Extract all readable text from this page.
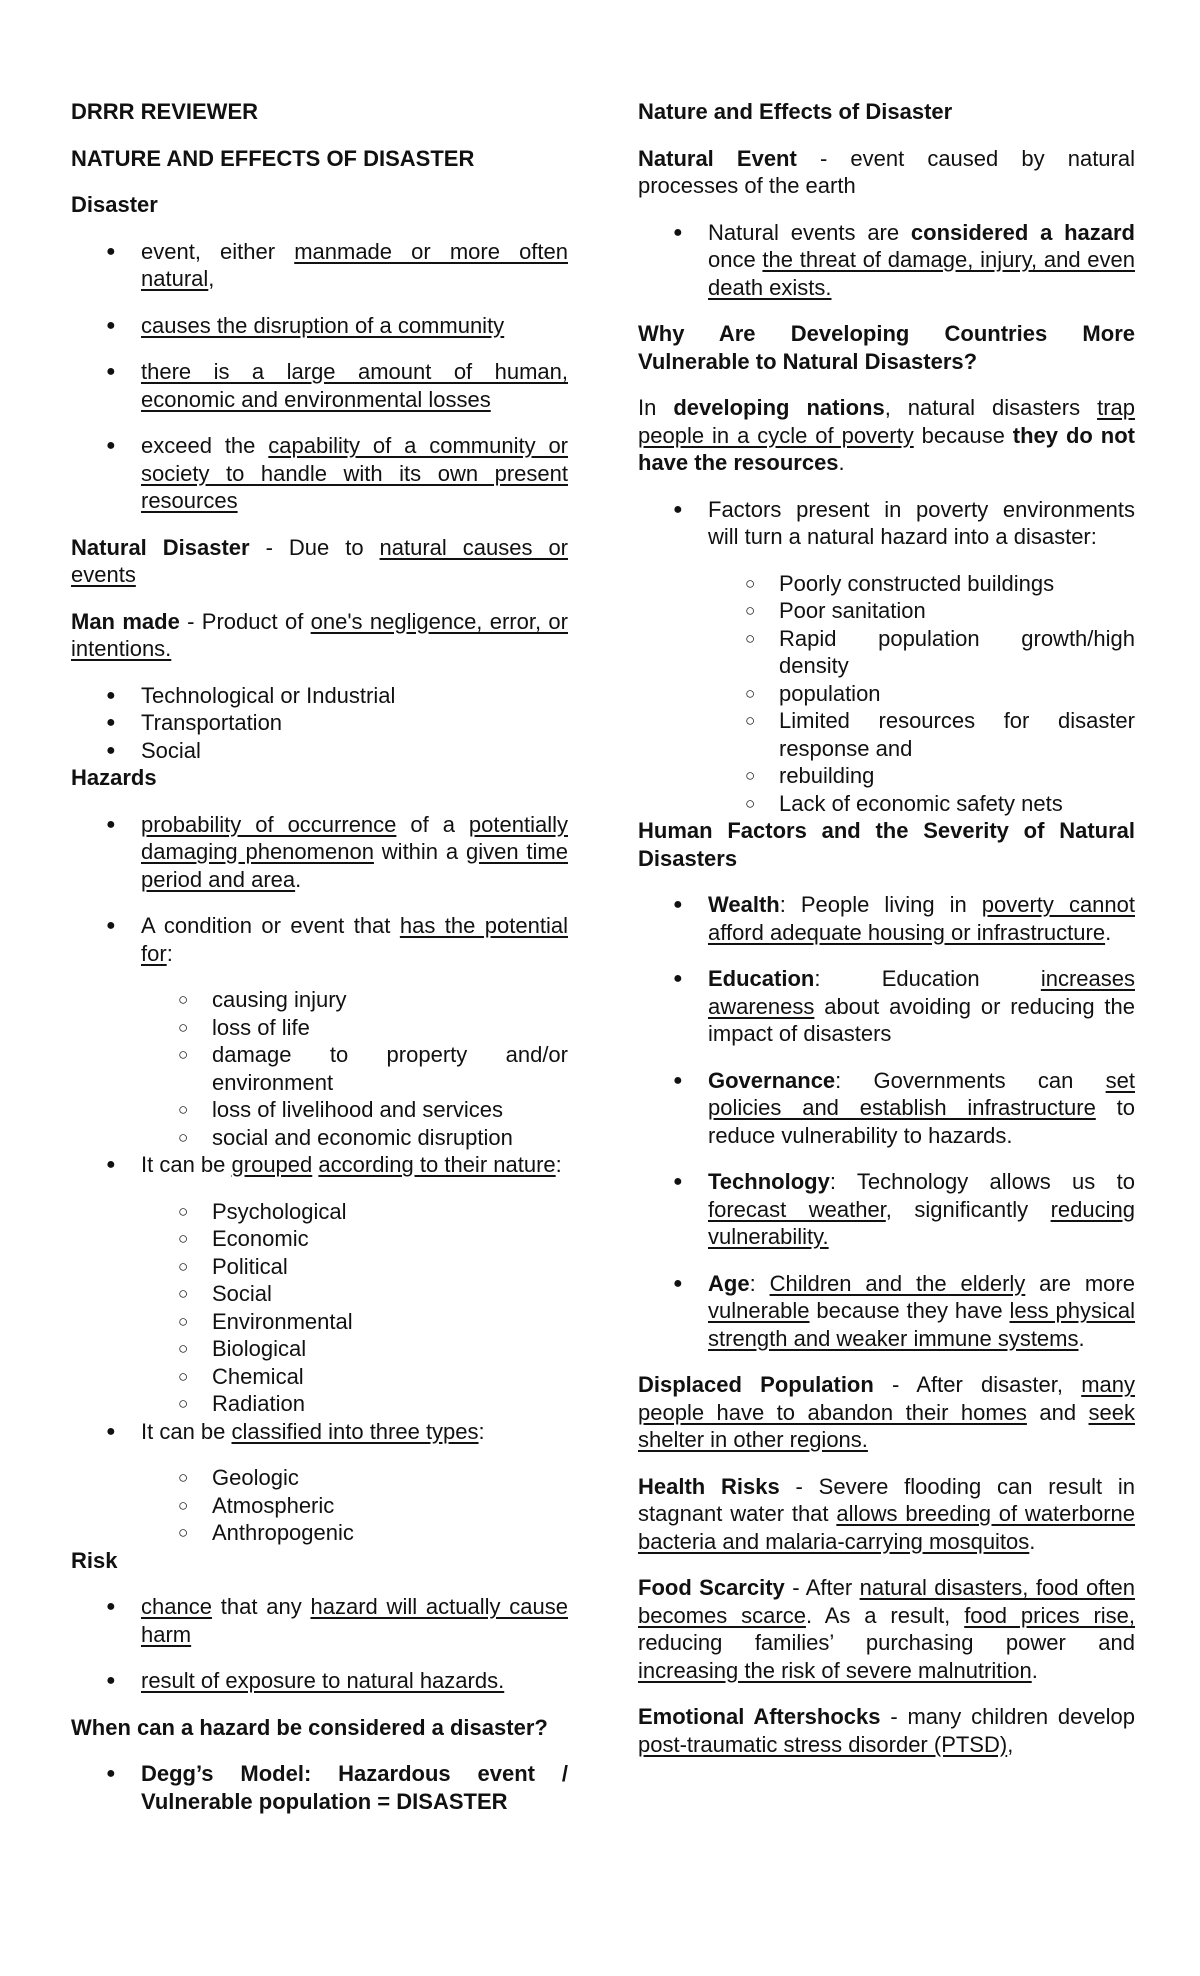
DRRR REVIEWER

NATURE AND EFFECTS OF DISASTER

Disaster

● event, either manmade or more often natural,
● causes the disruption of a community
● there is a large amount of human, economic and environmental losses
● exceed the capability of a community or society to handle with its own present resources

Natural Disaster - Due to natural causes or events

Man made - Product of one's negligence, error, or intentions.

● Technological or Industrial
● Transportation
● Social

Hazards

● probability of occurrence of a potentially damaging phenomenon within a given time period and area.
● A condition or event that has the potential for:
○ causing injury
○ loss of life
○ damage to property and/or environment
○ loss of livelihood and services
○ social and economic disruption
● It can be grouped according to their nature:
○ Psychological
○ Economic
○ Political
○ Social
○ Environmental
○ Biological
○ Chemical
○ Radiation
● It can be classified into three types:
○ Geologic
○ Atmospheric
○ Anthropogenic

Risk

● chance that any hazard will actually cause harm
● result of exposure to natural hazards.

When can a hazard be considered a disaster?

● Degg’s Model: Hazardous event / Vulnerable population = DISASTER

Nature and Effects of Disaster

Natural Event - event caused by natural processes of the earth

● Natural events are considered a hazard once the threat of damage, injury, and even death exists.

Why Are Developing Countries More Vulnerable to Natural Disasters?

In developing nations, natural disasters trap people in a cycle of poverty because they do not have the resources.

● Factors present in poverty environments will turn a natural hazard into a disaster:
○ Poorly constructed buildings
○ Poor sanitation
○ Rapid population growth/high density
○ population
○ Limited resources for disaster response and
○ rebuilding
○ Lack of economic safety nets

Human Factors and the Severity of Natural Disasters

● Wealth: People living in poverty cannot afford adequate housing or infrastructure.
● Education: Education increases awareness about avoiding or reducing the impact of disasters
● Governance: Governments can set policies and establish infrastructure to reduce vulnerability to hazards.
● Technology: Technology allows us to forecast weather, significantly reducing vulnerability.
● Age: Children and the elderly are more vulnerable because they have less physical strength and weaker immune systems.

Displaced Population - After disaster, many people have to abandon their homes and seek shelter in other regions.

Health Risks - Severe flooding can result in stagnant water that allows breeding of waterborne bacteria and malaria-carrying mosquitos.

Food Scarcity - After natural disasters, food often becomes scarce. As a result, food prices rise, reducing families’ purchasing power and increasing the risk of severe malnutrition.

Emotional Aftershocks - many children develop post-traumatic stress disorder (PTSD),
